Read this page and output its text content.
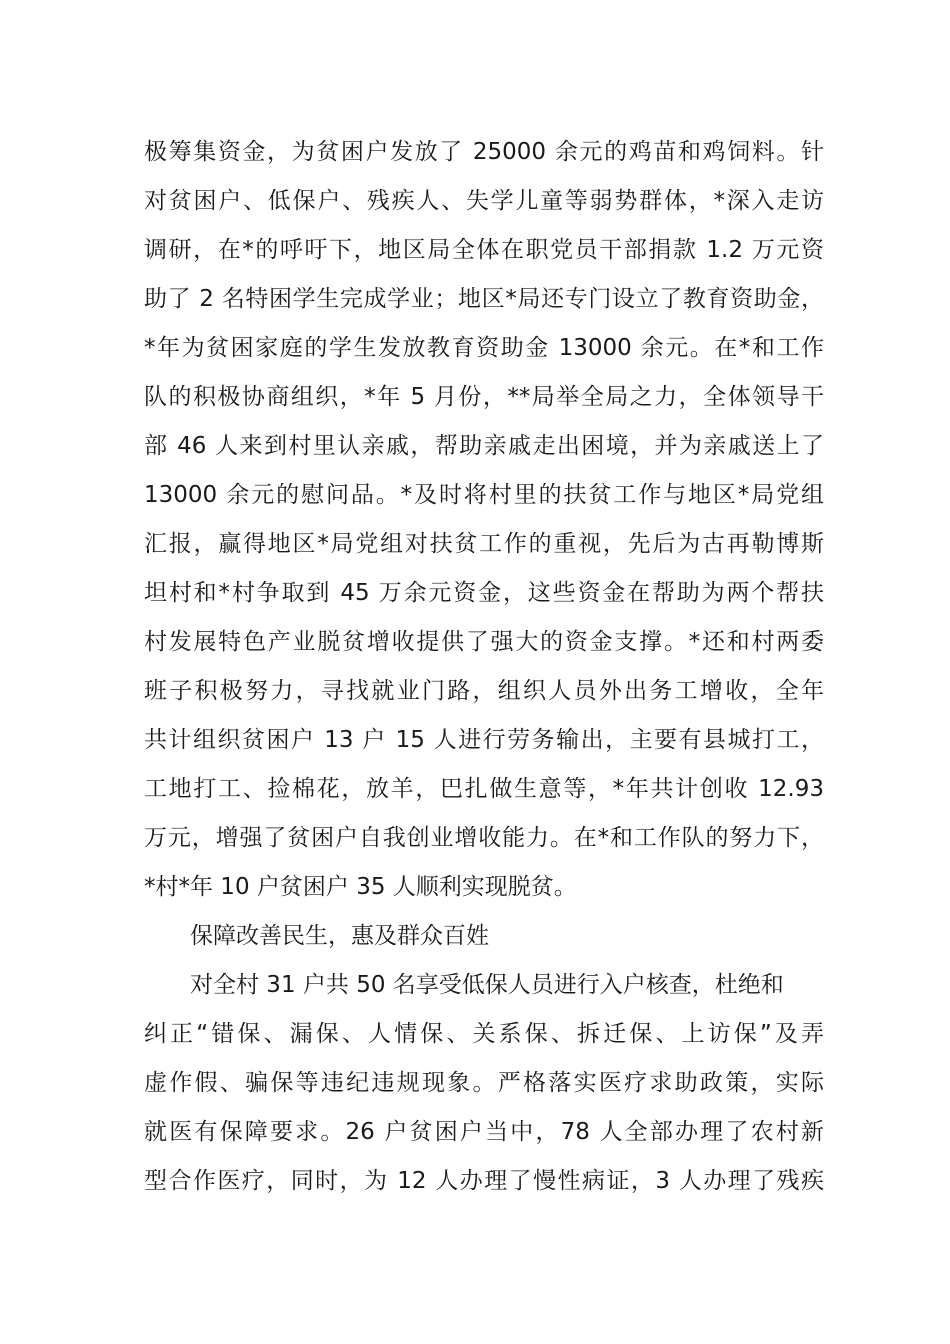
极筹集资金，为贫困户发放了 25000 余元的鸡苗和鸡饲料。针
对贫困户、低保户、残疾人、失学儿童等弱势群体，*深入走访
调研，在*的呼吁下，地区局全体在职党员干部捐款 1.2 万元资
助了 2 名特困学生完成学业；地区*局还专门设立了教育资助金，
*年为贫困家庭的学生发放教育资助金 13000 余元。在*和工作
队的积极协商组织，*年 5 月份，**局举全局之力，全体领导干
部 46 人来到村里认亲戚，帮助亲戚走出困境，并为亲戚送上了
13000 余元的慰问品。*及时将村里的扶贫工作与地区*局党组
汇报，赢得地区*局党组对扶贫工作的重视，先后为古再勒博斯
坦村和*村争取到 45 万余元资金，这些资金在帮助为两个帮扶
村发展特色产业脱贫增收提供了强大的资金支撑。*还和村两委
班子积极努力，寻找就业门路，组织人员外出务工增收，全年
共计组织贫困户 13 户 15 人进行劳务输出，主要有县城打工，
工地打工、捡棉花，放羊，巴扎做生意等，*年共计创收 12.93
万元，增强了贫困户自我创业增收能力。在*和工作队的努力下，
*村*年 10 户贫困户 35 人顺利实现脱贫。
保障改善民生，惠及群众百姓
对全村 31 户共 50 名享受低保人员进行入户核查，杜绝和
纠正“错保、漏保、人情保、关系保、拆迁保、上访保”及弄
虚作假、骗保等违纪违规现象。严格落实医疗求助政策，实际
就医有保障要求。26 户贫困户当中，78 人全部办理了农村新
型合作医疗，同时，为 12 人办理了慢性病证，3 人办理了残疾
